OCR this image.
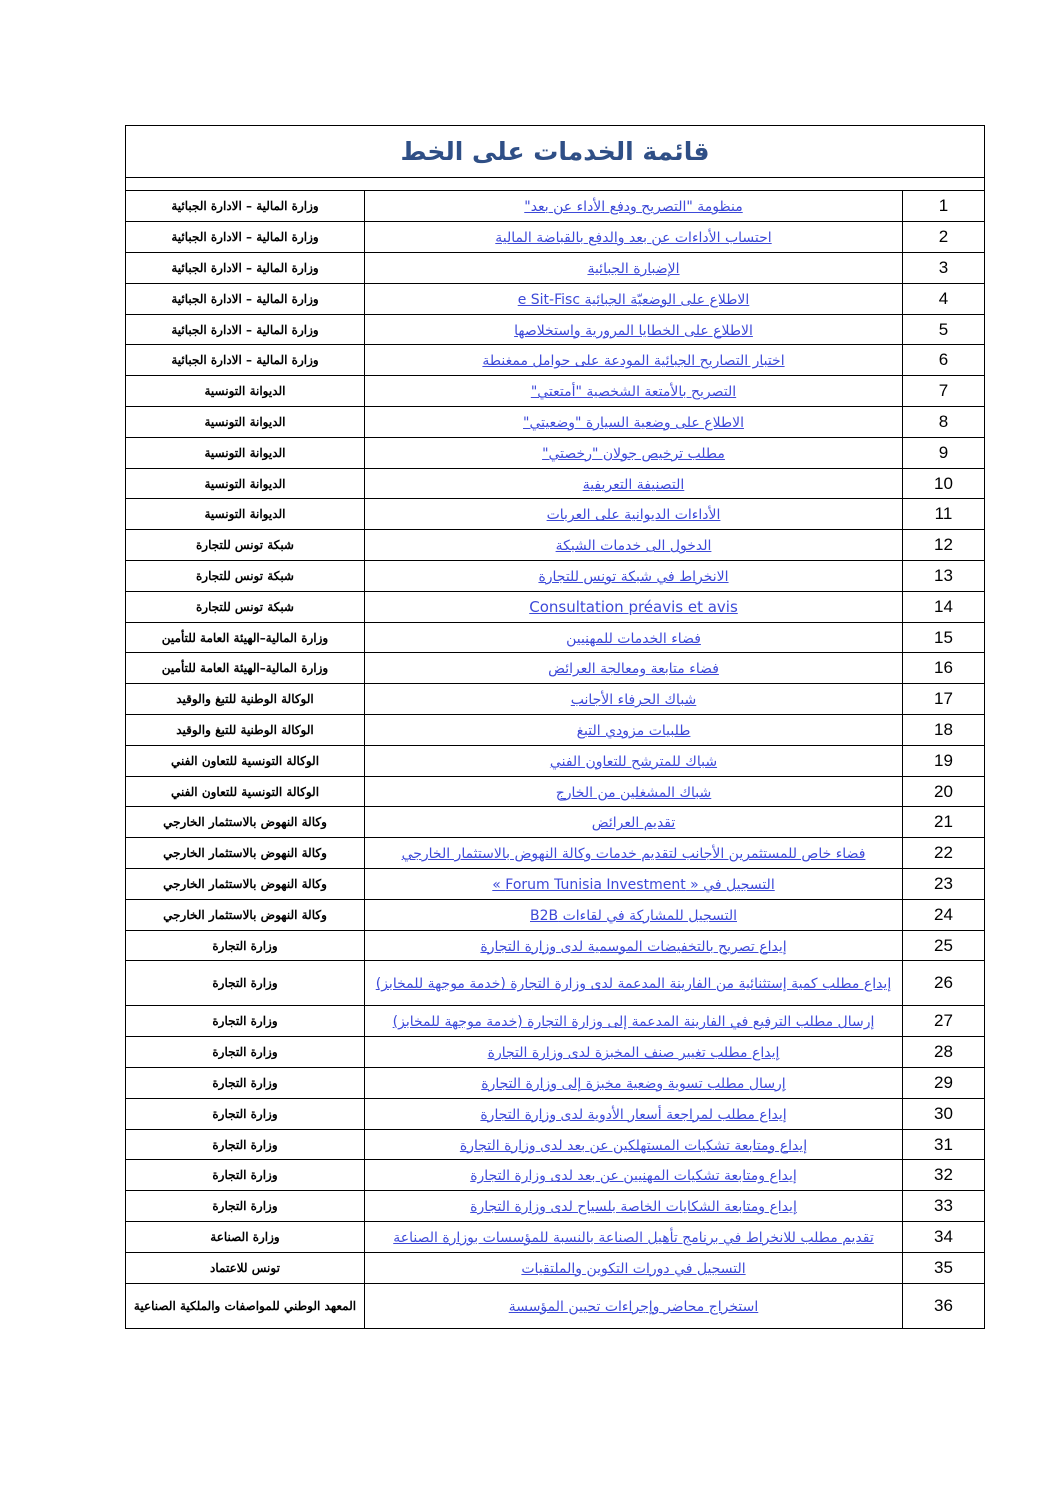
قائمة الخدمات على الخط
وزارة المالية – الادارة الجبائية	منظومة "التصريح ودفع الأداء عن بعد"	1
وزارة المالية – الادارة الجبائية	احتساب الأداءات عن بعد والدفع بالقباضة المالية	2
وزارة المالية – الادارة الجبائية	الإضبارة الجبائية	3
وزارة المالية – الادارة الجبائية	الاطلاع على الوضعيّة الجبائية e Sit-Fisc	4
وزارة المالية – الادارة الجبائية	الاطلاع على الخطايا المرورية واستخلاصها	5
وزارة المالية – الادارة الجبائية	اختبار التصاريح الجبائية المودعة على حوامل ممغنطة	6
الديوانة التونسية	التصريح بالأمتعة الشخصية "أمتعتي"	7
الديوانة التونسية	الاطلاع على وضعية السيارة "وضعيتي"	8
الديوانة التونسية	مطلب ترخيص جولان "رخصتي"	9
الديوانة التونسية	التصنيفة التعريفية	10
الديوانة التونسية	الأداءات الديوانية على العربات	11
شبكة تونس للتجارة	الدخول الى خدمات الشبكة	12
شبكة تونس للتجارة	الانخراط في شبكة تونس للتجارة	13
شبكة تونس للتجارة	Consultation préavis et avis	14
وزارة المالية–الهيئة العامة للتأمين	فضاء الخدمات للمهنيين	15
وزارة المالية–الهيئة العامة للتأمين	فضاء متابعة ومعالجة العرائض	16
الوكالة الوطنية للتبغ والوقيد	شباك الحرفاء الأجانب	17
الوكالة الوطنية للتبغ والوقيد	طلبيات مزودي التبغ	18
الوكالة التونسية للتعاون الفني	شباك للمترشح للتعاون الفني	19
الوكالة التونسية للتعاون الفني	شباك المشغلين من الخارج	20
وكالة النهوض بالاستثمار الخارجي	تقديم العرائض	21
وكالة النهوض بالاستثمار الخارجي	فضاء خاص للمستثمرين الأجانب لتقديم خدمات وكالة النهوض بالاستثمار الخارجي	22
وكالة النهوض بالاستثمار الخارجي	التسجيل في « Forum Tunisia Investment »	23
وكالة النهوض بالاستثمار الخارجي	التسجيل للمشاركة في لقاءات B2B	24
وزارة التجارة	إيداع تصريح بالتخفيضات الموسمية لدى وزارة التجارة	25
وزارة التجارة	إيداع مطلب كمية إستثنائية من الفارينة المدعمة لدى وزارة التجارة (خدمة موجهة للمخابز)	26
وزارة التجارة	إرسال مطلب الترفيع في الفارينة المدعمة إلى وزارة التجارة (خدمة موجهة للمخابز)	27
وزارة التجارة	إيداع مطلب تغيير صنف المخبزة لدى وزارة التجارة	28
وزارة التجارة	إرسال مطلب تسوية وضعية مخبزة إلى وزارة التجارة	29
وزارة التجارة	إيداع مطلب لمراجعة أسعار الأدوية لدى وزارة التجارة	30
وزارة التجارة	إيداع ومتابعة تشكيات المستهلكين عن بعد لدى وزارة التجارة	31
وزارة التجارة	إيداع ومتابعة تشكيات المهنيين عن بعد لدى وزارة التجارة	32
وزارة التجارة	إيداع ومتابعة الشكايات الخاصة بلسياح لدى وزارة التجارة	33
وزارة الصناعة	تقديم مطلب للانخراط في برنامج تأهيل الصناعة بالنسبة للمؤسسات بوزارة الصناعة	34
تونس للاعتماد	التسجيل في دورات التكوين والملتقيات	35
المعهد الوطني للمواصفات والملكية الصناعية	استخراج محاضر وإجراءات تحيين المؤسسة	36
